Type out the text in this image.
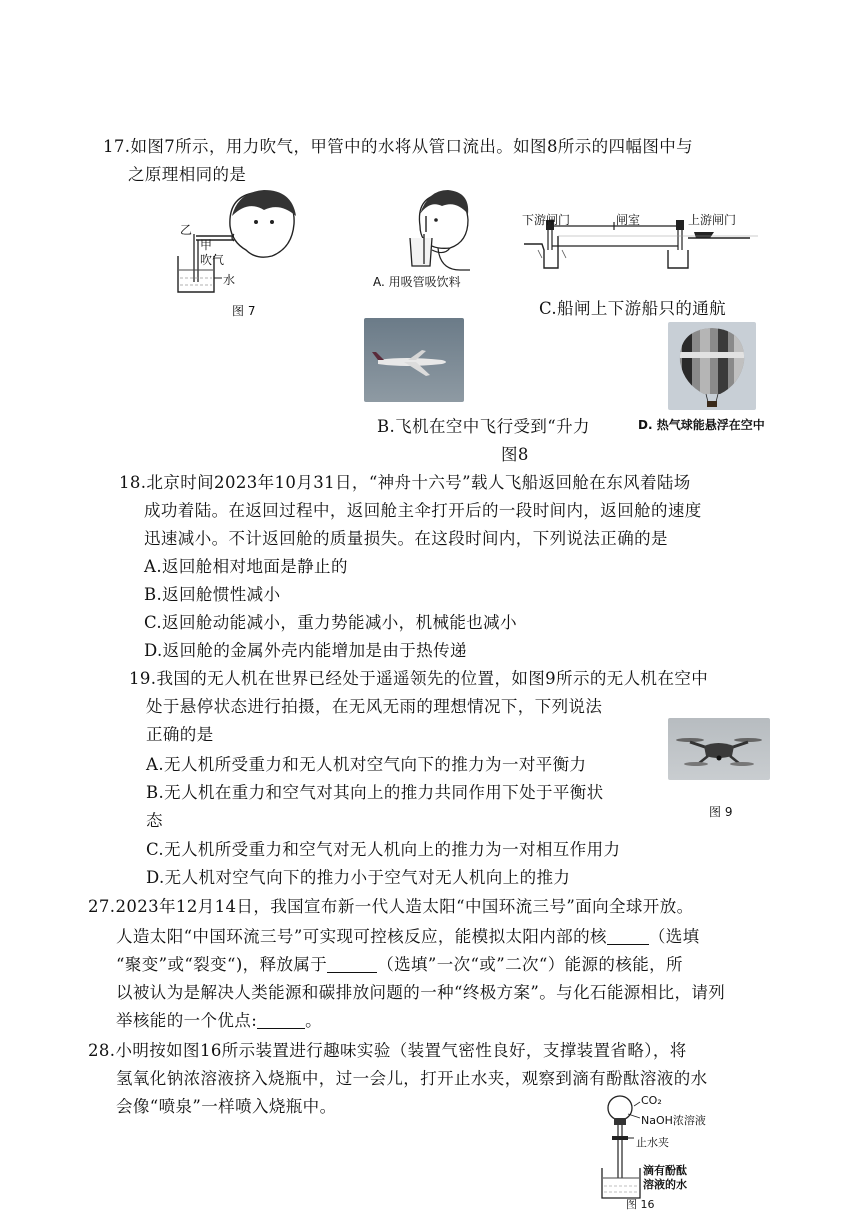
17.如图7所示，用力吹气，甲管中的水将从管口流出。如图8所示的四幅图中与
之原理相同的是
乙
甲
吹气
水
图 7
A. 用吸管吸饮料
下游闸门	闸室	上游闸门
C.船闸上下游船只的通航
B.飞机在空中飞行受到“升力	D. 热气球能悬浮在空中
图8
18.北京时间2023年10月31日，“神舟十六号”载人飞船返回舱在东风着陆场
成功着陆。在返回过程中，返回舱主伞打开后的一段时间内，返回舱的速度
迅速减小。不计返回舱的质量损失。在这段时间内，下列说法正确的是
A.返回舱相对地面是静止的
B.返回舱惯性减小
C.返回舱动能减小，重力势能减小，机械能也减小
D.返回舱的金属外壳内能增加是由于热传递
19.我国的无人机在世界已经处于遥遥领先的位置，如图9所示的无人机在空中
处于悬停状态进行拍摄，在无风无雨的理想情况下，下列说法
正确的是
A.无人机所受重力和无人机对空气向下的推力为一对平衡力
B.无人机在重力和空气对其向上的推力共同作用下处于平衡状
态
C.无人机所受重力和空气对无人机向上的推力为一对相互作用力
D.无人机对空气向下的推力小于空气对无人机向上的推力
图 9
27.2023年12月14日，我国宣布新一代人造太阳“中国环流三号”面向全球开放。
人造太阳“中国环流三号”可实现可控核反应，能模拟太阳内部的核	（选填
“聚变”或“裂变“)，释放属于	（选填”一次“或”二次“）能源的核能，所
以被认为是解决人类能源和碳排放问题的一种“终极方案”。与化石能源相比，请列
举核能的一个优点:	。
28.小明按如图16所示装置进行趣味实验（装置气密性良好，支撑装置省略），将
氢氧化钠浓溶液挤入烧瓶中，过一会儿，打开止水夹，观察到滴有酚酞溶液的水
会像“喷泉”一样喷入烧瓶中。	CO₂
NaOH浓溶液
止水夹
滴有酚酞
溶液的水
图 16
